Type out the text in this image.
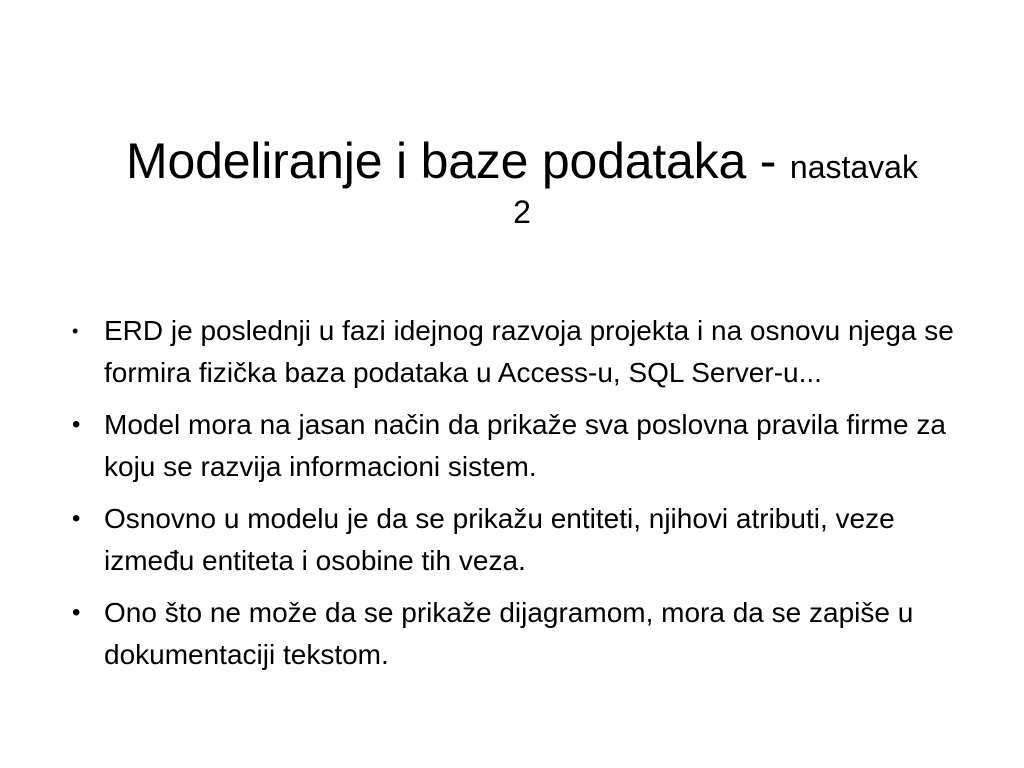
Modeliranje i baze podataka - nastavak
2
• ERD je poslednji u fazi idejnog razvoja projekta i na osnovu njega se formira fizička baza podataka u Access-u, SQL Server-u...
• Model mora na jasan način da prikaže sva poslovna pravila firme za koju se razvija informacioni sistem.
• Osnovno u modelu je da se prikažu entiteti, njihovi atributi, veze između entiteta i osobine tih veza.
• Ono što ne može da se prikaže dijagramom, mora da se zapiše u dokumentaciji tekstom.
